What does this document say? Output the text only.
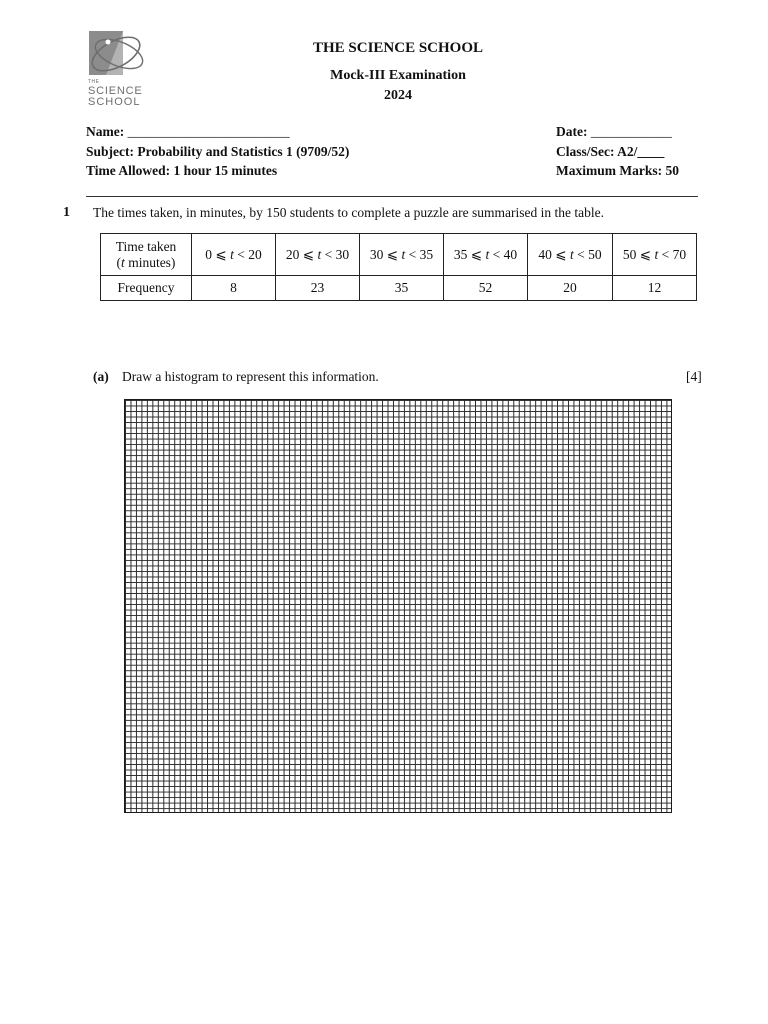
THE
SCIENCE
SCHOOL
THE SCIENCE SCHOOL
Mock-III Examination
2024
Name: ________________________
Subject: Probability and Statistics 1 (9709/52)
Time Allowed: 1 hour 15 minutes
Date: ____________
Class/Sec: A2/____
Maximum Marks: 50
1 The times taken, in minutes, by 150 students to complete a puzzle are summarised in the table.
Time taken
(t minutes)	0 ⩽ t < 20	20 ⩽ t < 30	30 ⩽ t < 35	35 ⩽ t < 40	40 ⩽ t < 50	50 ⩽ t < 70
Frequency	8	23	35	52	20	12
(a) Draw a histogram to represent this information.	[4]
